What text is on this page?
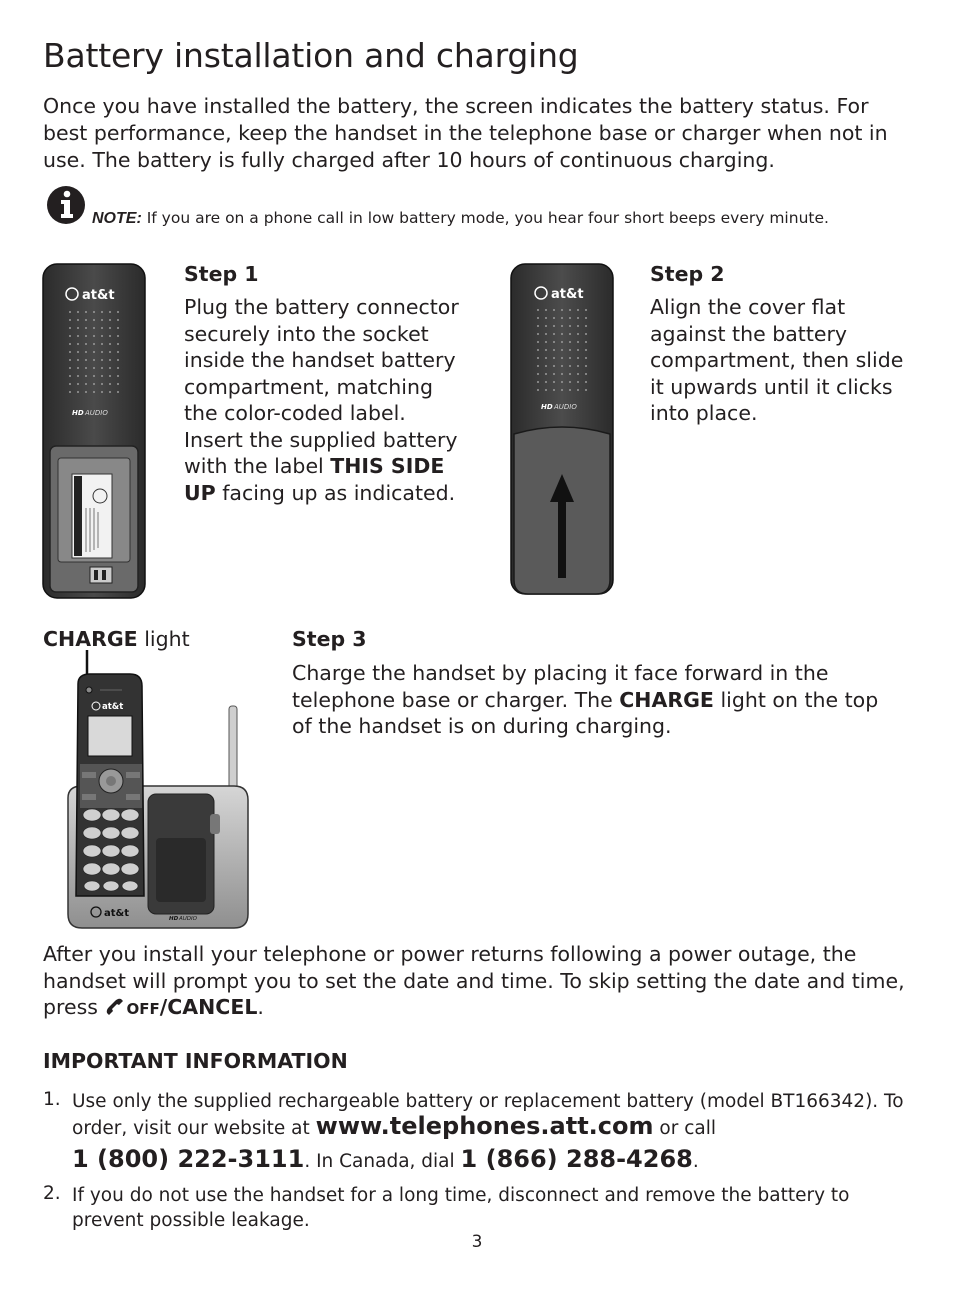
Battery installation and charging

Once you have installed the battery, the screen indicates the battery status. For best performance, keep the handset in the telephone base or charger when not in use. The battery is fully charged after 10 hours of continuous charging.

NOTE: If you are on a phone call in low battery mode, you hear four short beeps every minute.

at&t
HD AUDIO
Step 1

Plug the battery connector securely into the socket inside the handset battery compartment, matching the color-coded label. Insert the supplied battery with the label THIS SIDE UP facing up as indicated.

at&t
HD AUDIO
Step 2

Align the cover flat against the battery compartment, then slide it upwards until it clicks into place.

CHARGE light

at&t	HD AUDIO
at&t
Step 3

Charge the handset by placing it face forward in the telephone base or charger. The CHARGE light on the top of the handset is on during charging.

After you install your telephone or power returns following a power outage, the handset will prompt you to set the date and time. To skip setting the date and time, press OFF/CANCEL.

IMPORTANT INFORMATION

1. Use only the supplied rechargeable battery or replacement battery (model BT166342). To order, visit our website at www.telephones.att.com or call
1 (800) 222-3111. In Canada, dial 1 (866) 288-4268.

2. If you do not use the handset for a long time, disconnect and remove the battery to prevent possible leakage.

3
